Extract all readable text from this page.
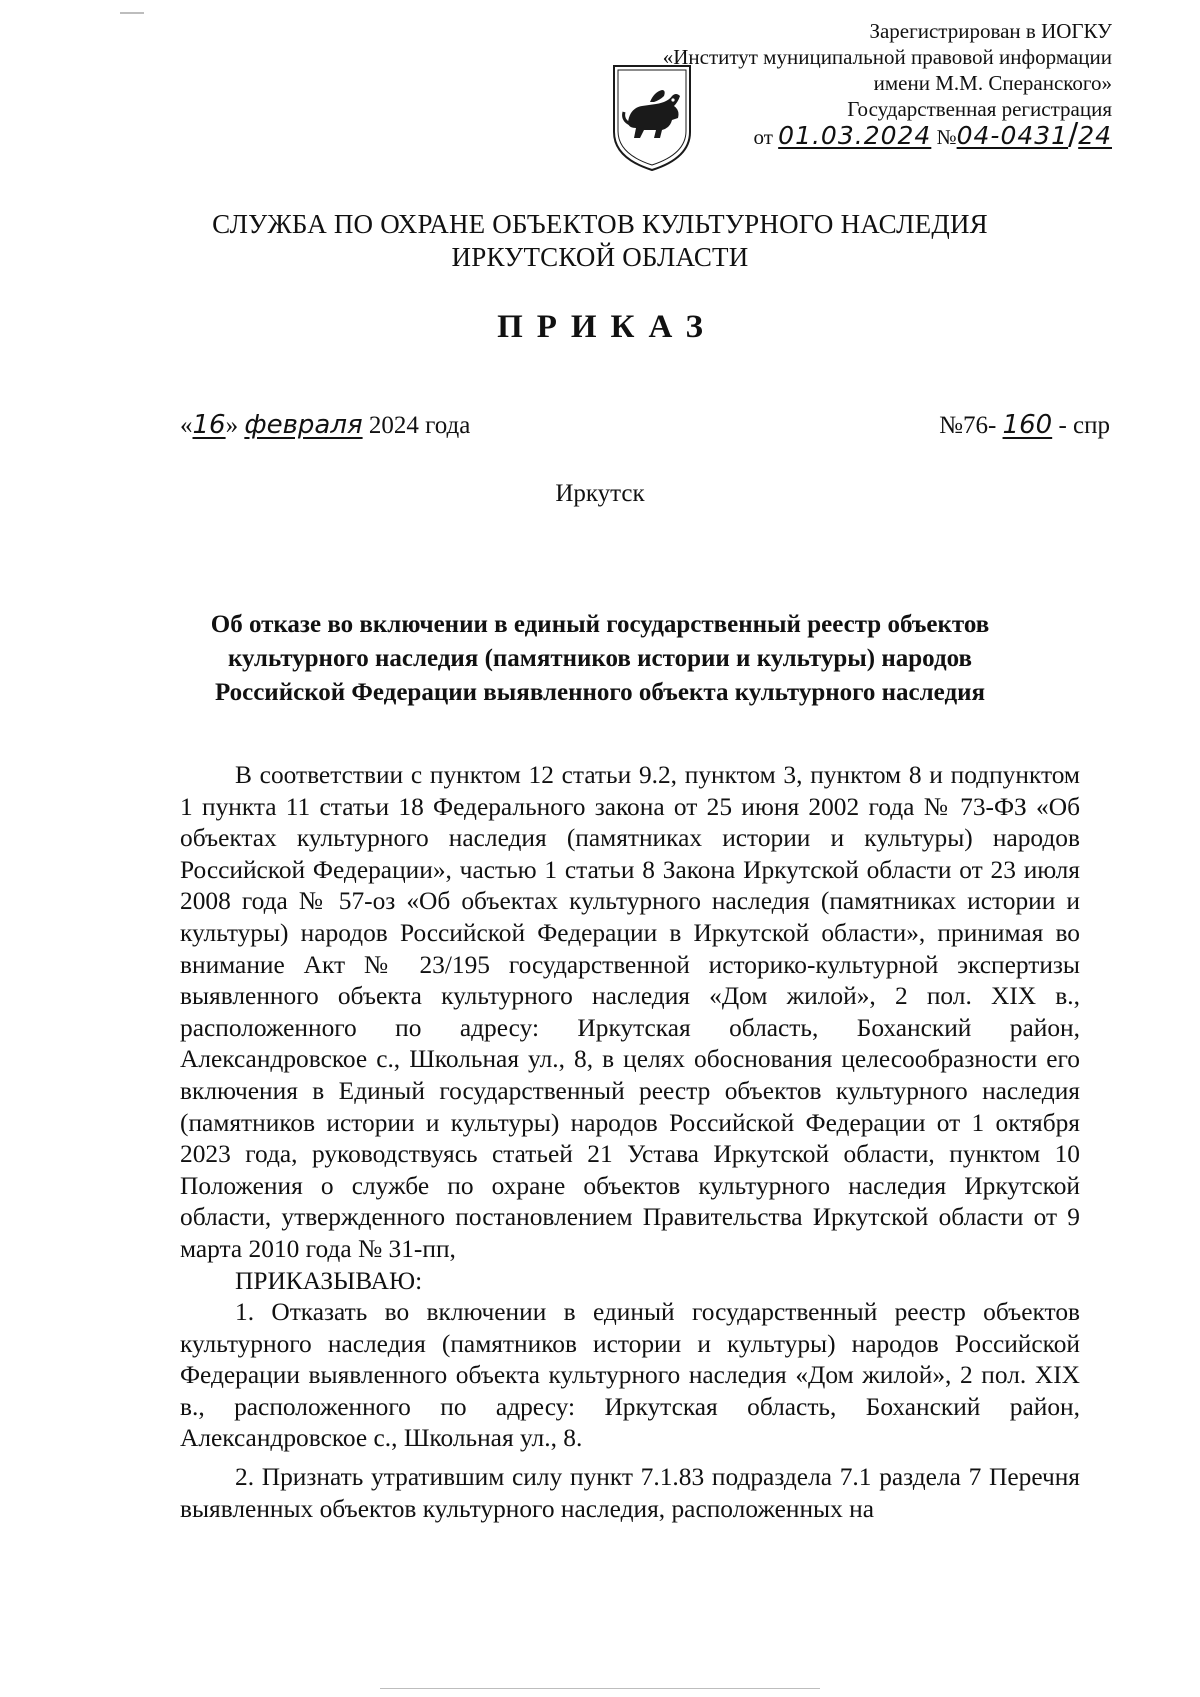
Зарегистрирован в ИОГКУ
«Институт муниципальной правовой информации
имени М.М. Сперанского»
Государственная регистрация
от 01.03.2024 №04-0431/24
СЛУЖБА ПО ОХРАНЕ ОБЪЕКТОВ КУЛЬТУРНОГО НАСЛЕДИЯ
ИРКУТСКОЙ ОБЛАСТИ
ПРИКАЗ
«16» февраля 2024 года	№76- 160 - спр
Иркутск
Об отказе во включении в единый государственный реестр объектов
культурного наследия (памятников истории и культуры) народов
Российской Федерации выявленного объекта культурного наследия

В соответствии с пунктом 12 статьи 9.2, пунктом 3, пунктом 8 и подпунктом 1 пункта 11 статьи 18 Федерального закона от 25 июня 2002 года № 73-ФЗ «Об объектах культурного наследия (памятниках истории и культуры) народов Российской Федерации», частью 1 статьи 8 Закона Иркутской области от 23 июля 2008 года № 57-оз «Об объектах культурного наследия (памятниках истории и культуры) народов Российской Федерации в Иркутской области», принимая во внимание Акт № 23/195 государственной историко-культурной экспертизы выявленного объекта культурного наследия «Дом жилой», 2 пол. XIX в., расположенного по адресу: Иркутская область, Боханский район, Александровское с., Школьная ул., 8, в целях обоснования целесообразности его включения в Единый государственный реестр объектов культурного наследия (памятников истории и культуры) народов Российской Федерации от 1 октября 2023 года, руководствуясь статьей 21 Устава Иркутской области, пунктом 10 Положения о службе по охране объектов культурного наследия Иркутской области, утвержденного постановлением Правительства Иркутской области от 9 марта 2010 года № 31-пп,

ПРИКАЗЫВАЮ:

1. Отказать во включении в единый государственный реестр объектов культурного наследия (памятников истории и культуры) народов Российской Федерации выявленного объекта культурного наследия «Дом жилой», 2 пол. XIX в., расположенного по адресу: Иркутская область, Боханский район, Александровское с., Школьная ул., 8.

2. Признать утратившим силу пункт 7.1.83 подраздела 7.1 раздела 7 Перечня выявленных объектов культурного наследия, расположенных на
